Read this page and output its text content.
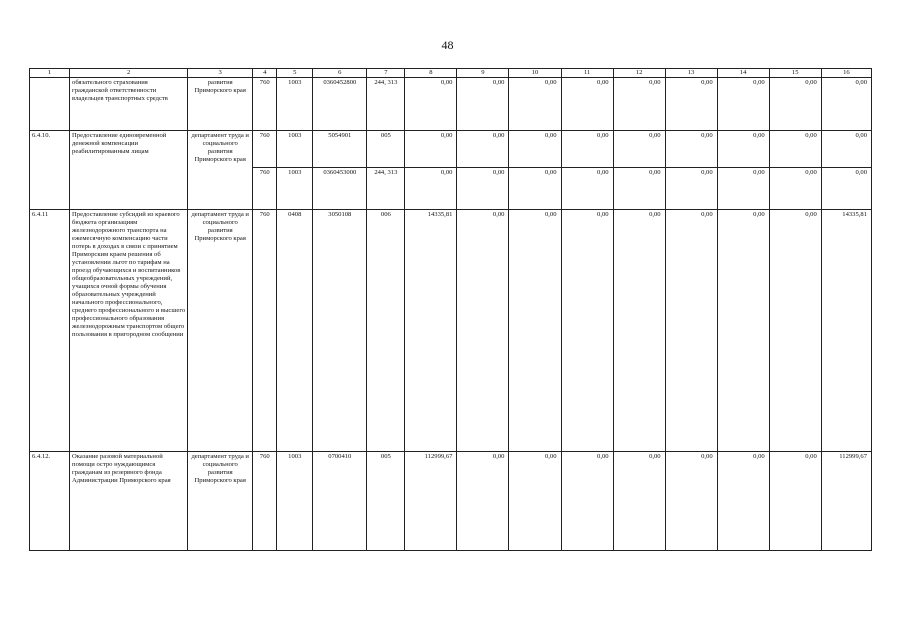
48
1	2	3	4	5	6	7	8	9	10	11	12	13	14	15	16
	обязательного страхования гражданской ответственности владельцев транспортных средств	развития Приморского края	760	1003	0360452800	244, 313	0,00	0,00	0,00	0,00	0,00	0,00	0,00	0,00	0,00
6.4.10.	Предоставление единовременной денежной компенсации реабилитированным лицам	департамент труда и социального развития Приморского края	760	1003	5054901	005	0,00	0,00	0,00	0,00	0,00	0,00	0,00	0,00	0,00
			760	1003	0360453000	244, 313	0,00	0,00	0,00	0,00	0,00	0,00	0,00	0,00	0,00
6.4.11	Предоставление субсидий из краевого бюджета организациям железнодорожного транспорта на ежемесячную компенсацию части потерь в доходах в связи с принятием Приморским краем решения об установлении льгот по тарифам на проезд обучающихся и воспитанников общеобразовательных учреждений, учащихся очной формы обучения образовательных учреждений начального профессионального, среднего профессионального и высшего профессионального образования железнодорожным транспортом общего пользования в пригородном сообщении	департамент труда и социального развития Приморского края	760	0408	3050108	006	14335,81	0,00	0,00	0,00	0,00	0,00	0,00	0,00	14335,81
6.4.12.	Оказание разовой материальной помощи остро нуждающимся гражданам из резервного фонда Администрации Приморского края	департамент труда и социального развития Приморского края	760	1003	0700410	005	112999,67	0,00	0,00	0,00	0,00	0,00	0,00	0,00	112999,67
